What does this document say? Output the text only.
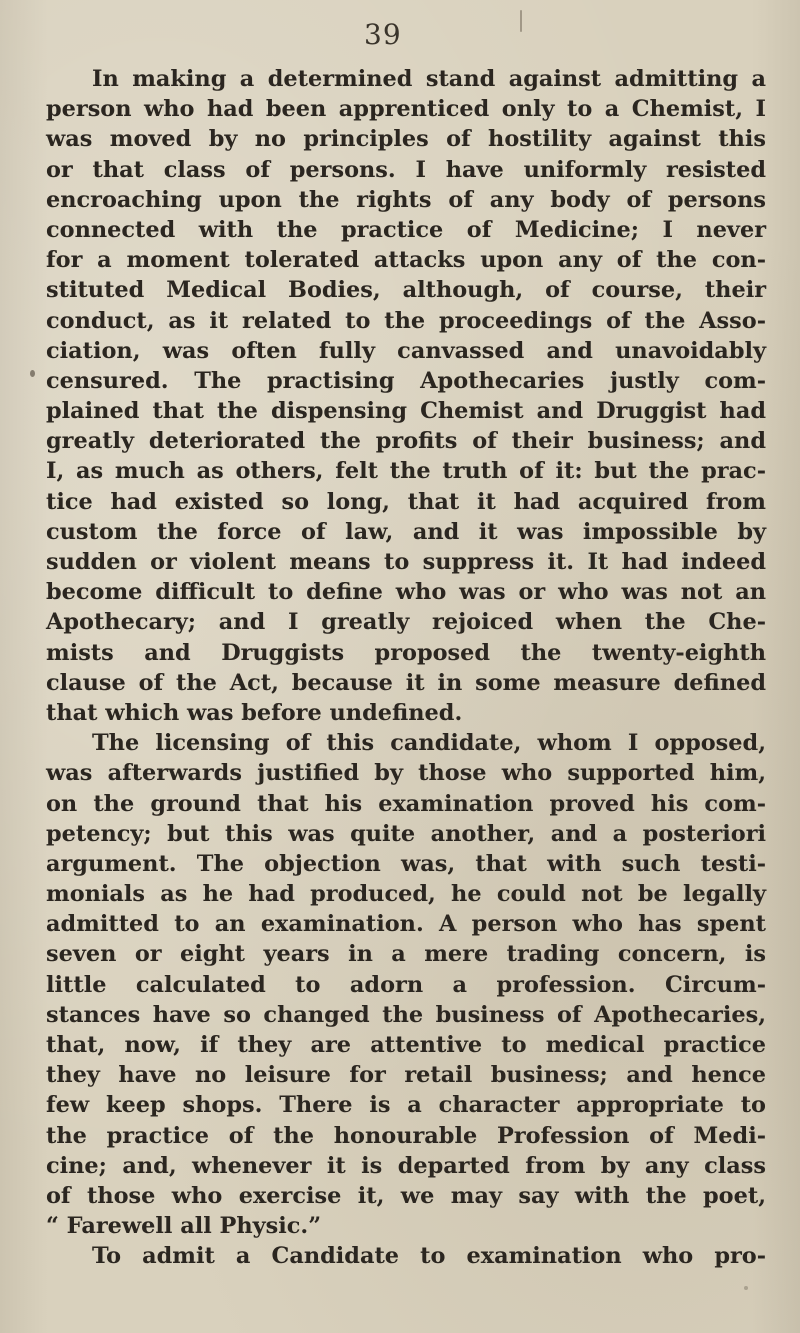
39
In making a determined stand against admitting a
person who had been apprenticed only to a Chemist, I
was moved by no principles of hostility against this
or that class of persons. I have uniformly resisted
encroaching upon the rights of any body of persons
connected with the practice of Medicine; I never
for a moment tolerated attacks upon any of the con-
stituted Medical Bodies, although, of course, their
conduct, as it related to the proceedings of the Asso-
ciation, was often fully canvassed and unavoidably
censured. The practising Apothecaries justly com-
plained that the dispensing Chemist and Druggist had
greatly deteriorated the profits of their business; and
I, as much as others, felt the truth of it: but the prac-
tice had existed so long, that it had acquired from
custom the force of law, and it was impossible by
sudden or violent means to suppress it. It had indeed
become difficult to define who was or who was not an
Apothecary; and I greatly rejoiced when the Che-
mists and Druggists proposed the twenty-eighth
clause of the Act, because it in some measure defined
that which was before undefined.
The licensing of this candidate, whom I opposed,
was afterwards justified by those who supported him,
on the ground that his examination proved his com-
petency; but this was quite another, and a posteriori
argument. The objection was, that with such testi-
monials as he had produced, he could not be legally
admitted to an examination. A person who has spent
seven or eight years in a mere trading concern, is
little calculated to adorn a profession. Circum-
stances have so changed the business of Apothecaries,
that, now, if they are attentive to medical practice
they have no leisure for retail business; and hence
few keep shops. There is a character appropriate to
the practice of the honourable Profession of Medi-
cine; and, whenever it is departed from by any class
of those who exercise it, we may say with the poet,
“ Farewell all Physic.”
To admit a Candidate to examination who pro-
